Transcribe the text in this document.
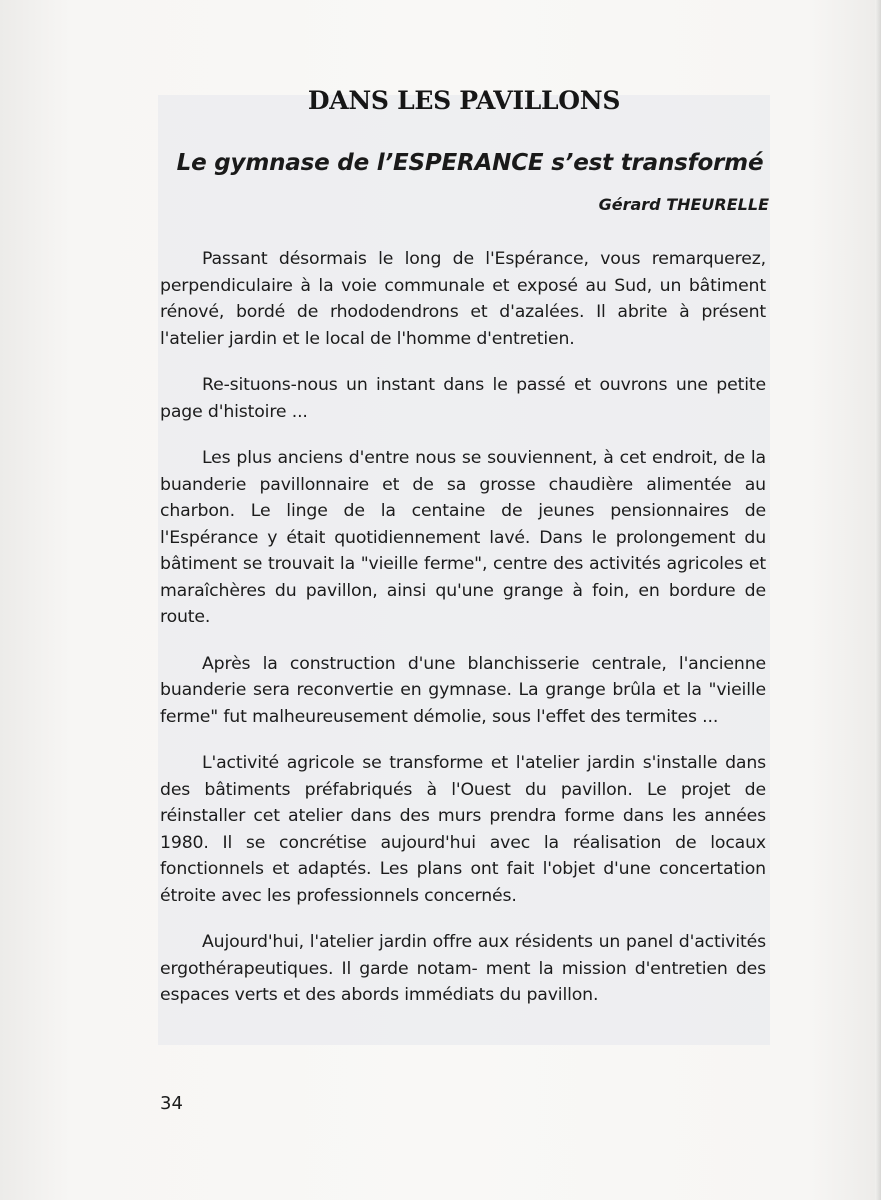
DANS LES PAVILLONS
Le gymnase de l’ESPERANCE s’est transformé
Gérard THEURELLE

Passant désormais le long de l'Espérance, vous remarquerez, perpendiculaire à la voie communale et exposé au Sud, un bâtiment rénové, bordé de rhododendrons et d'azalées. Il abrite à présent l'atelier jardin et le local de l'homme d'entretien.

Re-situons-nous un instant dans le passé et ouvrons une petite page d'histoire ...

Les plus anciens d'entre nous se souviennent, à cet endroit, de la buanderie pavillonnaire et de sa grosse chaudière alimentée au charbon. Le linge de la centaine de jeunes pensionnaires de l'Espérance y était quotidiennement lavé. Dans le prolongement du bâtiment se trouvait la "vieille ferme", centre des activités agricoles et maraîchères du pavillon, ainsi qu'une grange à foin, en bordure de route.

Après la construction d'une blanchisserie centrale, l'ancienne buanderie sera reconvertie en gymnase. La grange brûla et la "vieille ferme" fut malheureusement démolie, sous l'effet des termites ...

L'activité agricole se transforme et l'atelier jardin s'installe dans des bâtiments préfabriqués à l'Ouest du pavillon. Le projet de réinstaller cet atelier dans des murs prendra forme dans les années 1980. Il se concrétise aujourd'hui avec la réalisation de locaux fonctionnels et adaptés. Les plans ont fait l'objet d'une concertation étroite avec les professionnels concernés.

Aujourd'hui, l'atelier jardin offre aux résidents un panel d'activités ergothérapeutiques. Il garde notam- ment la mission d'entretien des espaces verts et des abords immédiats du pavillon.

34
